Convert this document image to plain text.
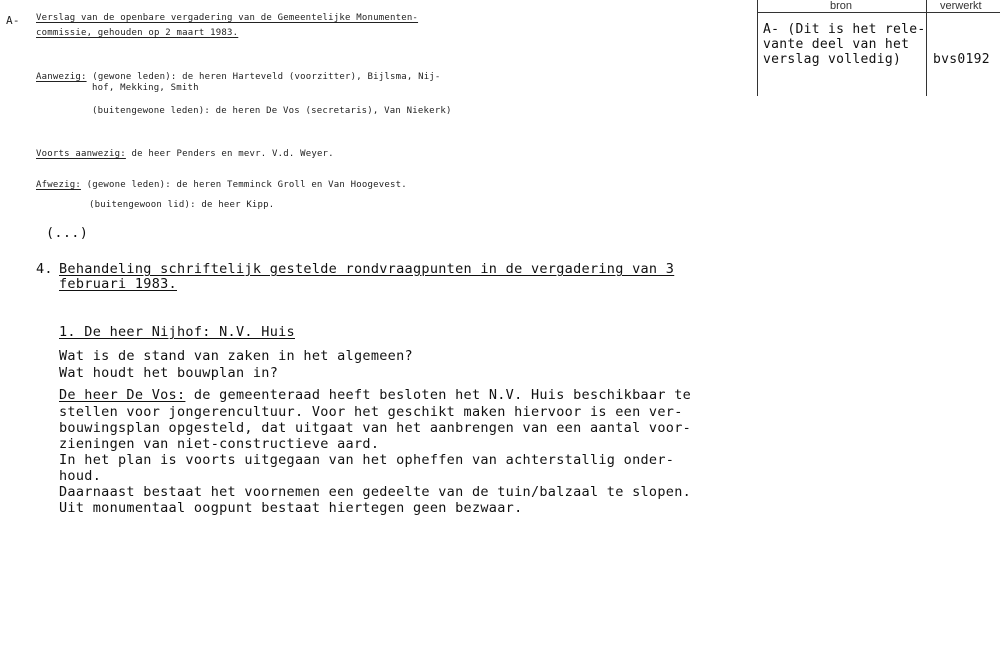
A- Verslag van de openbare vergadering van de Gemeentelijke Monumenten-
commissie, gehouden op 2 maart 1983.
Aanwezig: (gewone leden): de heren Harteveld (voorzitter), Bijlsma, Nij-
hof, Mekking, Smith
(buitengewone leden): de heren De Vos (secretaris), Van Niekerk)
Voorts aanwezig: de heer Penders en mevr. V.d. Weyer.
Afwezig: (gewone leden): de heren Temminck Groll en Van Hoogevest.
(buitengewoon lid): de heer Kipp.
(...)
4. Behandeling schriftelijk gestelde rondvraagpunten in de vergadering van 3
februari 1983.
1. De heer Nijhof: N.V. Huis
Wat is de stand van zaken in het algemeen?
Wat houdt het bouwplan in?
De heer De Vos: de gemeenteraad heeft besloten het N.V. Huis beschikbaar te
stellen voor jongerencultuur. Voor het geschikt maken hiervoor is een ver-
bouwingsplan opgesteld, dat uitgaat van het aanbrengen van een aantal voor-
zieningen van niet-constructieve aard.
In het plan is voorts uitgegaan van het opheffen van achterstallig onder-
houd.
Daarnaast bestaat het voornemen een gedeelte van de tuin/balzaal te slopen.
Uit monumentaal oogpunt bestaat hiertegen geen bezwaar.
bron	verwerkt
A- (Dit is het rele-
vante deel van het
verslag volledig) bvs0192
